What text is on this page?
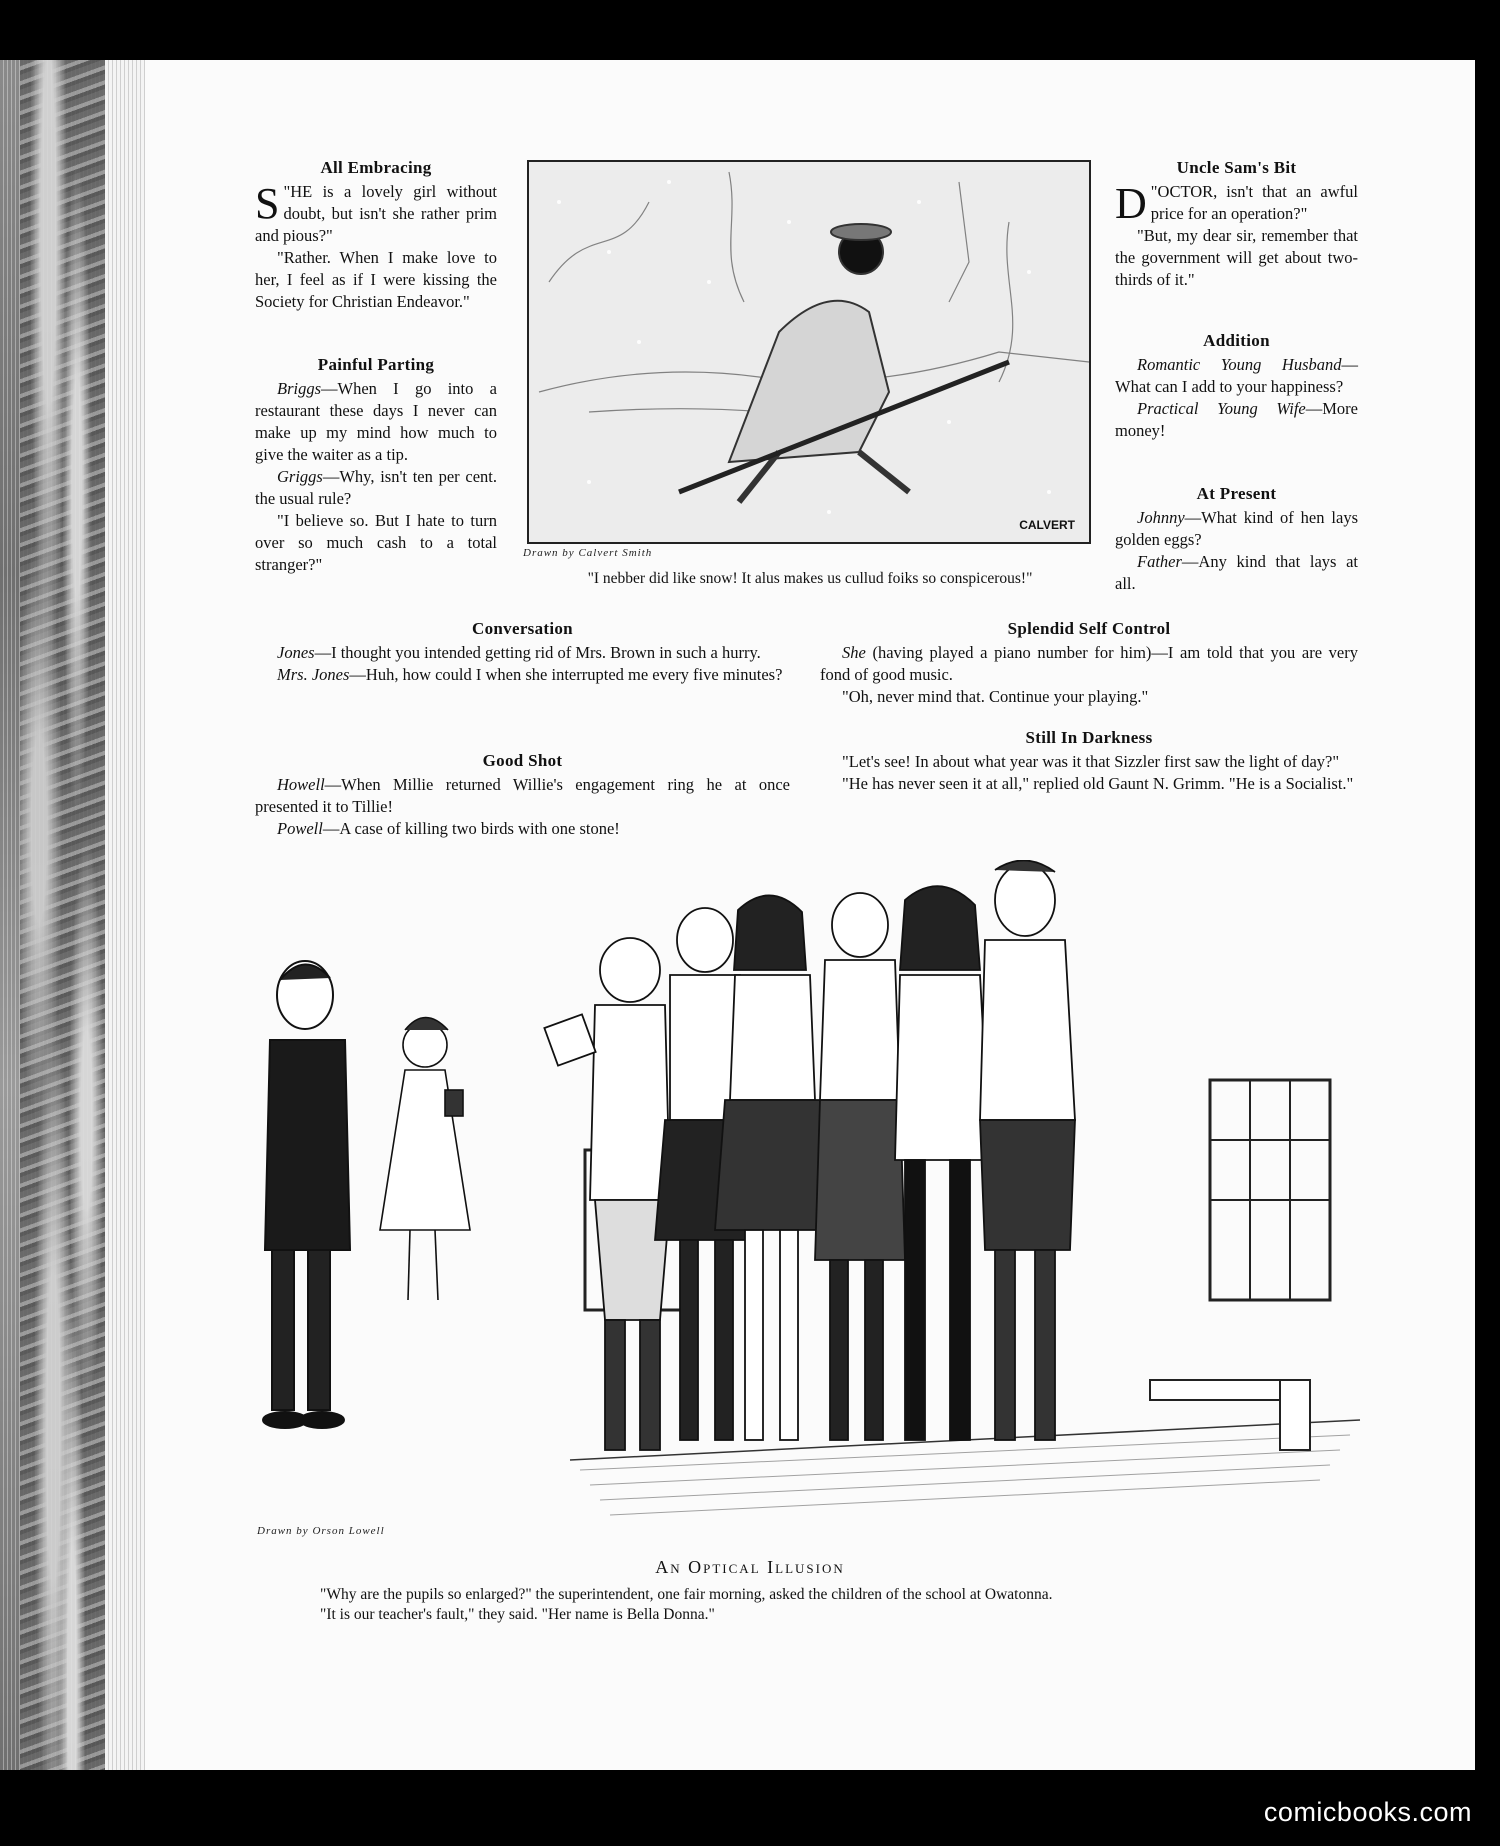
All Embracing

"
S HE is a lovely girl without doubt, but isn't she rather prim and pious?"

"Rather. When I make love to her, I feel as if I were kissing the Society for Christian Endeavor."

Painful Parting

Briggs—When I go into a restaurant these days I never can make up my mind how much to give the waiter as a tip.

Griggs—Why, isn't ten per cent. the usual rule?

"I believe so. But I hate to turn over so much cash to a total stranger?"

CALVERT
Drawn by Calvert Smith
"I nebber did like snow! It alus makes us cullud foiks so conspicerous!"
Uncle Sam's Bit

"
D OCTOR, isn't that an awful price for an operation?"

"But, my dear sir, remember that the government will get about two-thirds of it."

Addition

Romantic Young Husband—What can I add to your happiness?

Practical Young Wife—More money!

At Present

Johnny—What kind of hen lays golden eggs?

Father—Any kind that lays at all.

Conversation

Jones—I thought you intended getting rid of Mrs. Brown in such a hurry.

Mrs. Jones—Huh, how could I when she interrupted me every five minutes?

Good Shot

Howell—When Millie returned Willie's engagement ring he at once presented it to Tillie!

Powell—A case of killing two birds with one stone!

Splendid Self Control

She (having played a piano number for him)—I am told that you are very fond of good music.

"Oh, never mind that. Continue your playing."

Still In Darkness

"Let's see! In about what year was it that Sizzler first saw the light of day?"

"He has never seen it at all," replied old Gaunt N. Grimm. "He is a Socialist."

Drawn by Orson Lowell
An Optical Illusion
"Why are the pupils so enlarged?" the superintendent, one fair morning, asked the children of the school at Owatonna.
"It is our teacher's fault," they said. "Her name is Bella Donna."
comicbooks.com
